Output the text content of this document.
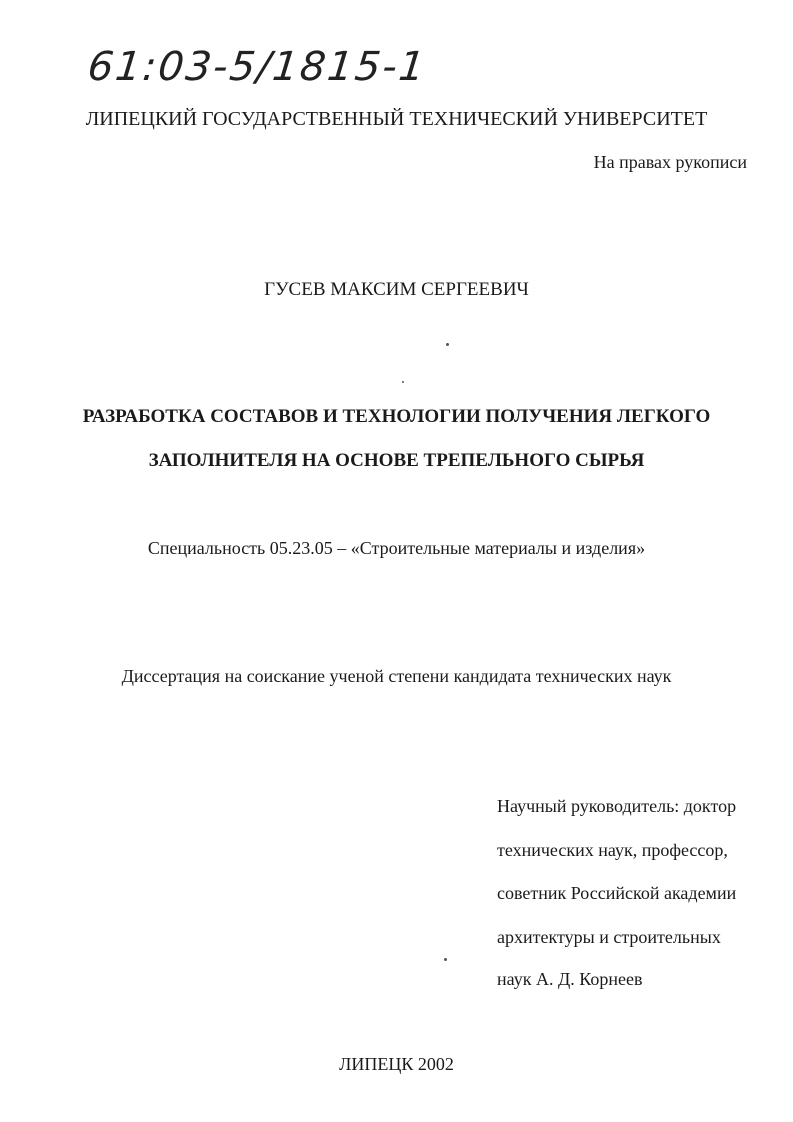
61:03-5/1815-1
ЛИПЕЦКИЙ ГОСУДАРСТВЕННЫЙ ТЕХНИЧЕСКИЙ УНИВЕРСИТЕТ
На правах рукописи
ГУСЕВ МАКСИМ СЕРГЕЕВИЧ
РАЗРАБОТКА СОСТАВОВ И ТЕХНОЛОГИИ ПОЛУЧЕНИЯ ЛЕГКОГО
ЗАПОЛНИТЕЛЯ НА ОСНОВЕ ТРЕПЕЛЬНОГО СЫРЬЯ
Специальность 05.23.05 – «Строительные материалы и изделия»
Диссертация на соискание ученой степени кандидата технических наук
Научный руководитель: доктор
технических наук, профессор,
советник Российской академии
архитектуры и строительных
наук А. Д. Корнеев
ЛИПЕЦК 2002
